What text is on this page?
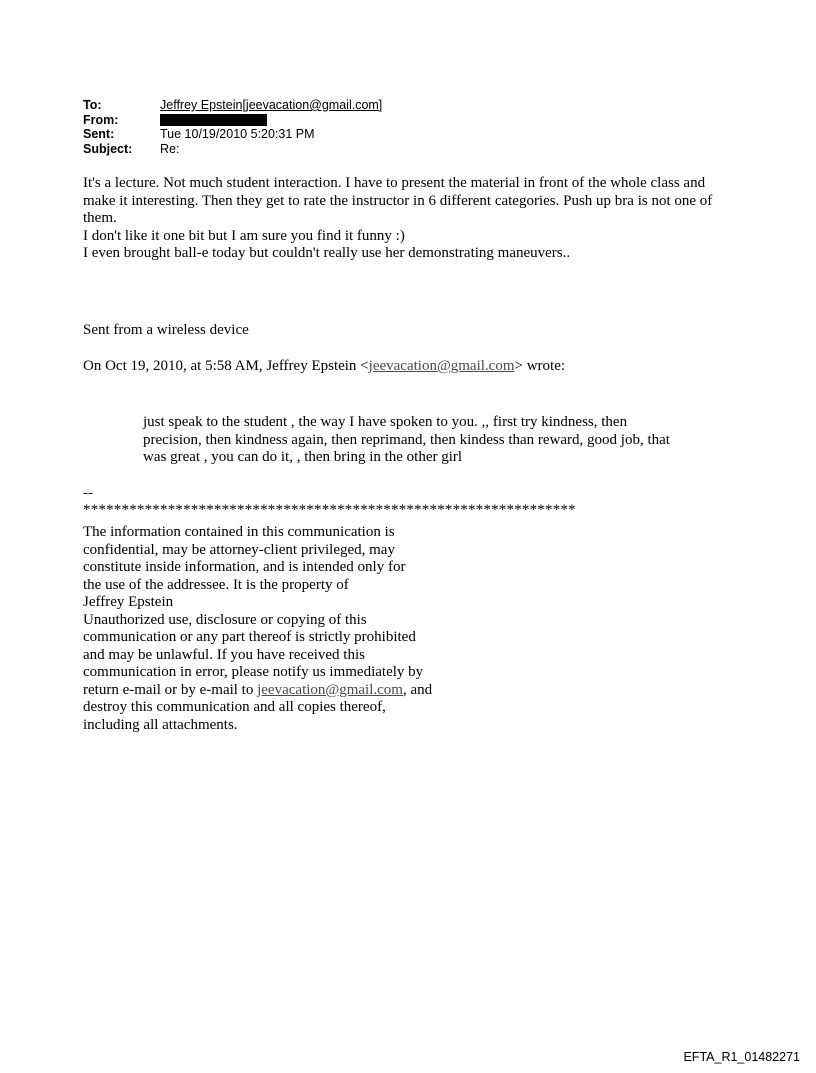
To:	Jeffrey Epstein[jeevacation@gmail.com]
From:
Sent:	Tue 10/19/2010 5:20:31 PM
Subject:	Re:

It's a lecture. Not much student interaction. I have to present the material in front of the whole class and make it interesting. Then they get to rate the instructor in 6 different categories. Push up bra is not one of them.

I don't like it one bit but I am sure you find it funny :)

I even brought ball-e today but couldn't really use her demonstrating maneuvers..

Sent from a wireless device
On Oct 19, 2010, at 5:58 AM, Jeffrey Epstein <jeevacation@gmail.com> wrote:
just speak to the student , the way I have spoken to you. ,, first try kindness, then precision, then kindness again, then reprimand, then kindess than reward, good job, that was great , you can do it, , then bring in the other girl
--
****************************************************************
The information contained in this communication is
confidential, may be attorney-client privileged, may
constitute inside information, and is intended only for
the use of the addressee. It is the property of
Jeffrey Epstein
Unauthorized use, disclosure or copying of this
communication or any part thereof is strictly prohibited
and may be unlawful. If you have received this
communication in error, please notify us immediately by
return e-mail or by e-mail to jeevacation@gmail.com, and
destroy this communication and all copies thereof,
including all attachments.
EFTA_R1_01482271
